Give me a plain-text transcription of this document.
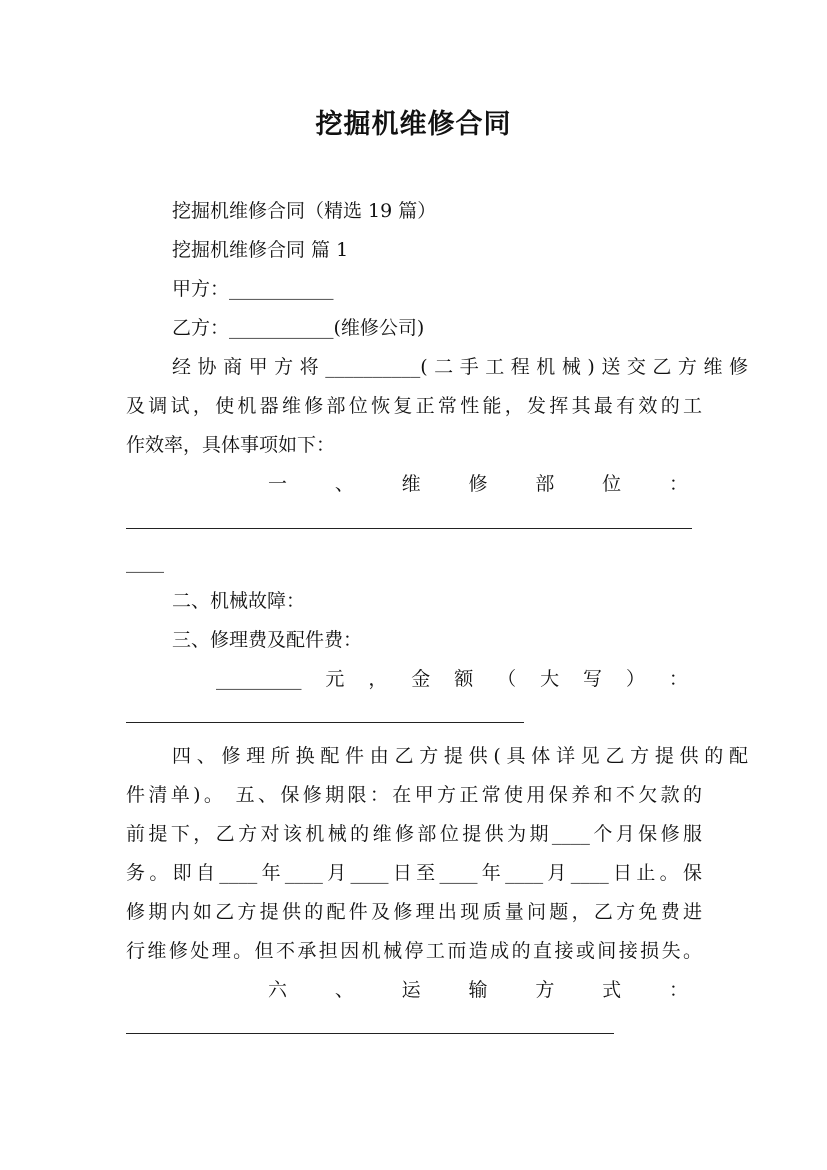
挖掘机维修合同
挖掘机维修合同（精选 19 篇）
挖掘机维修合同 篇 1
甲方：___________
乙方：___________(维修公司)
经协商甲方将__________(二手工程机械)送交乙方维修
及调试，使机器维修部位恢复正常性能，发挥其最有效的工
作效率，具体事项如下：
一	、	维	修	部	位	：
____
二、机械故障：
三、修理费及配件费：
_________ 元 ， 金 额 （ 大 写 ） ：
四、修理所换配件由乙方提供(具体详见乙方提供的配
件清单)。 五、保修期限：在甲方正常使用保养和不欠款的
前提下，乙方对该机械的维修部位提供为期____个月保修服
务。即自____年____月____日至____年____月____日止。保
修期内如乙方提供的配件及修理出现质量问题，乙方免费进
行维修处理。但不承担因机械停工而造成的直接或间接损失。
六	、	运	输	方	式	：
